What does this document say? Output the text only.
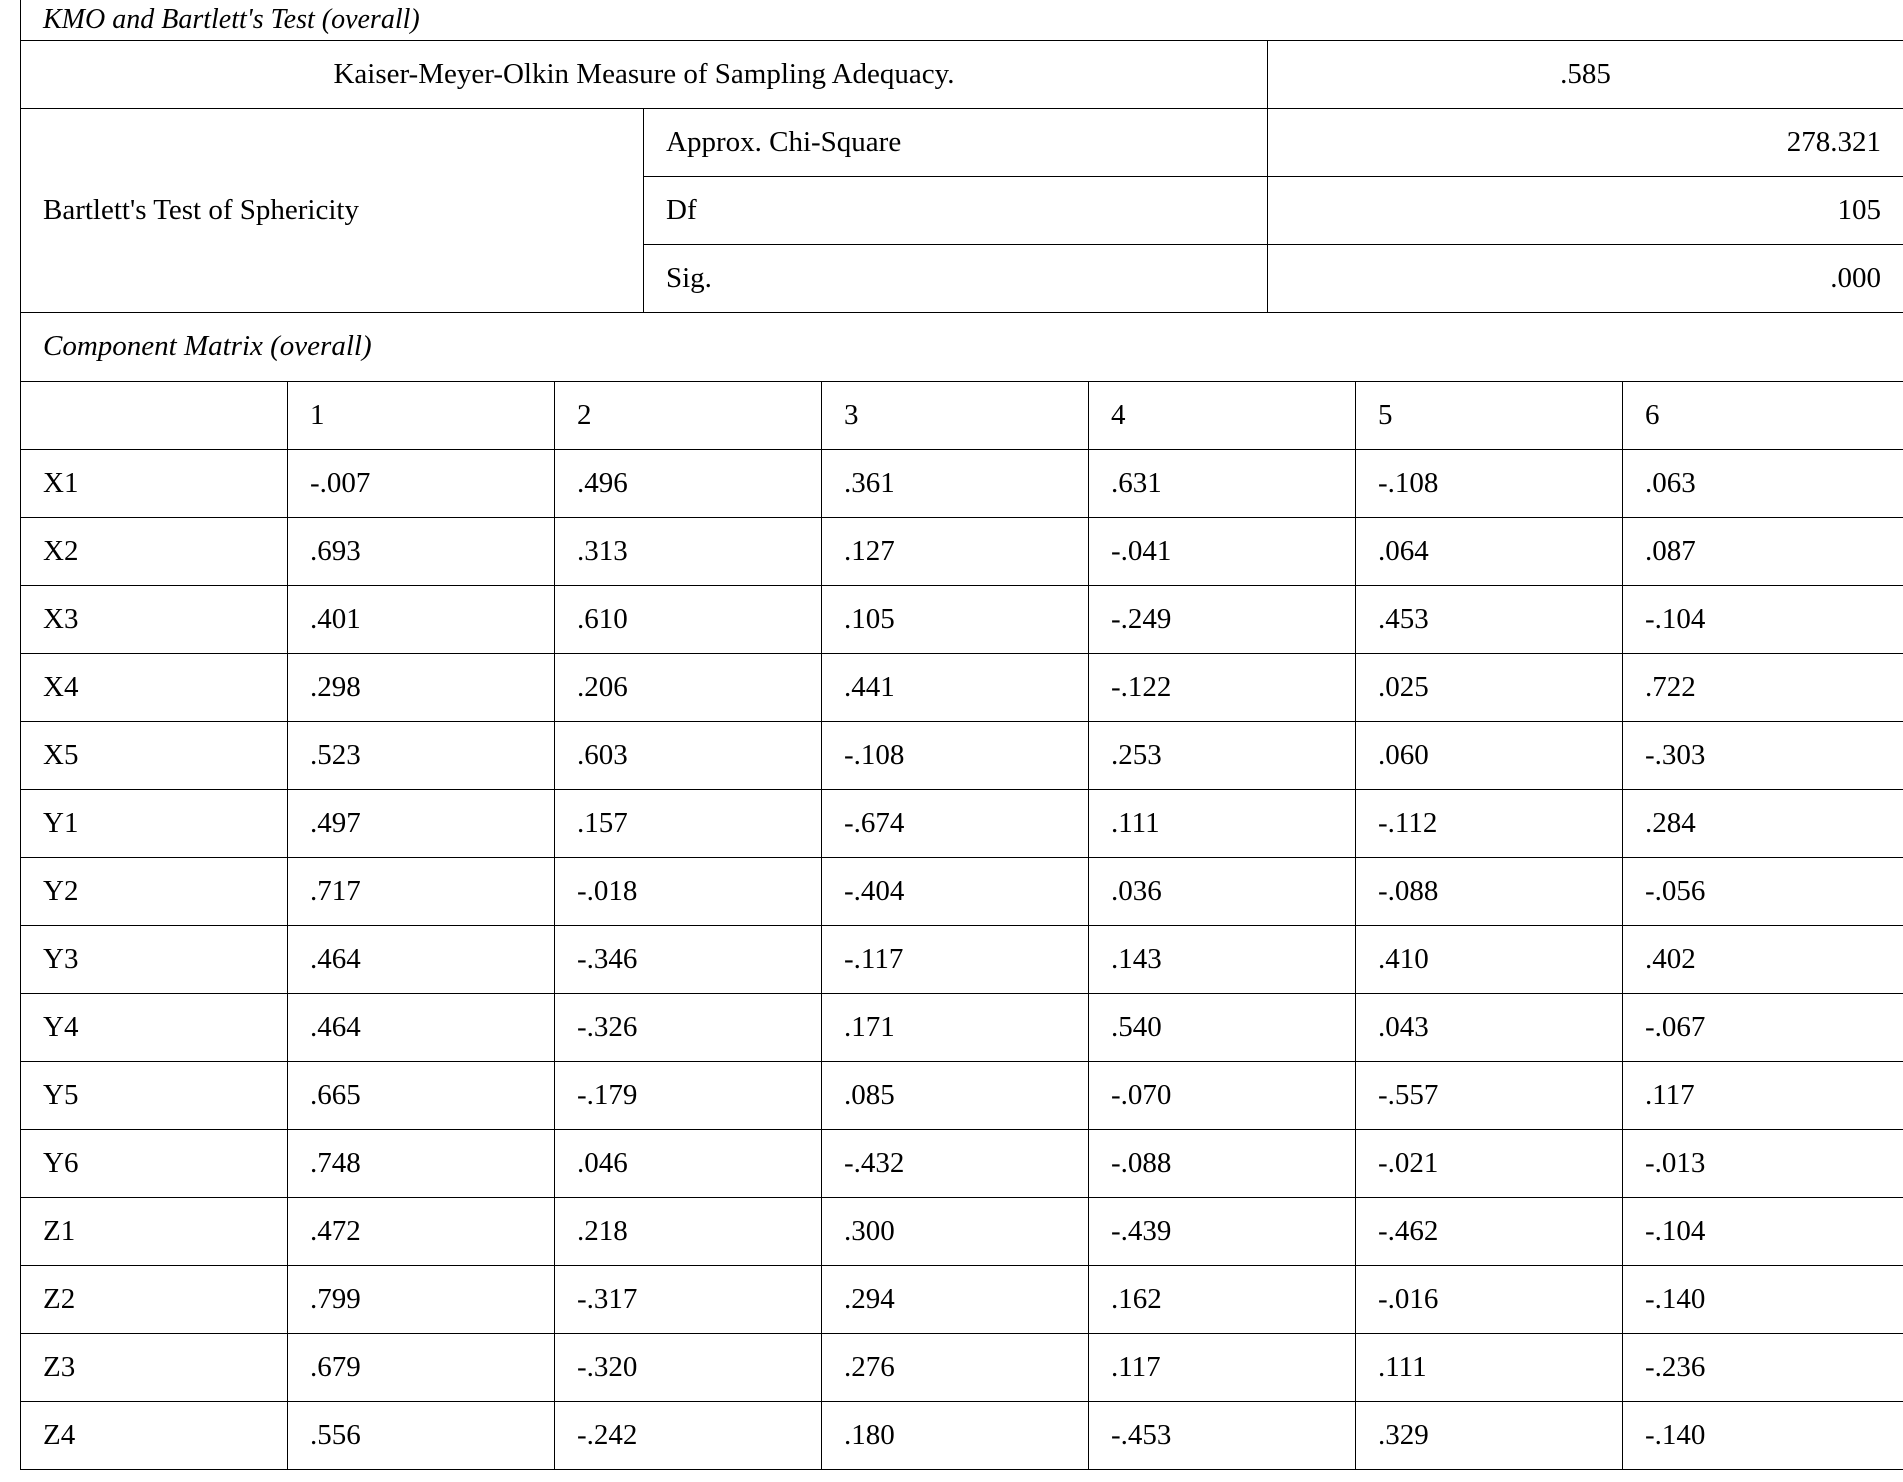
KMO and Bartlett's Test (overall)		
Kaiser-Meyer-Olkin Measure of Sampling Adequacy.		.585
Bartlett's Test of Sphericity	Approx. Chi-Square	278.321
	Df	105
	Sig.	.000
Component Matrix (overall)						
	1	2	3	4	5	6
X1	-.007	.496	.361	.631	-.108	.063
X2	.693	.313	.127	-.041	.064	.087
X3	.401	.610	.105	-.249	.453	-.104
X4	.298	.206	.441	-.122	.025	.722
X5	.523	.603	-.108	.253	.060	-.303
Y1	.497	.157	-.674	.111	-.112	.284
Y2	.717	-.018	-.404	.036	-.088	-.056
Y3	.464	-.346	-.117	.143	.410	.402
Y4	.464	-.326	.171	.540	.043	-.067
Y5	.665	-.179	.085	-.070	-.557	.117
Y6	.748	.046	-.432	-.088	-.021	-.013
Z1	.472	.218	.300	-.439	-.462	-.104
Z2	.799	-.317	.294	.162	-.016	-.140
Z3	.679	-.320	.276	.117	.111	-.236
Z4	.556	-.242	.180	-.453	.329	-.140
